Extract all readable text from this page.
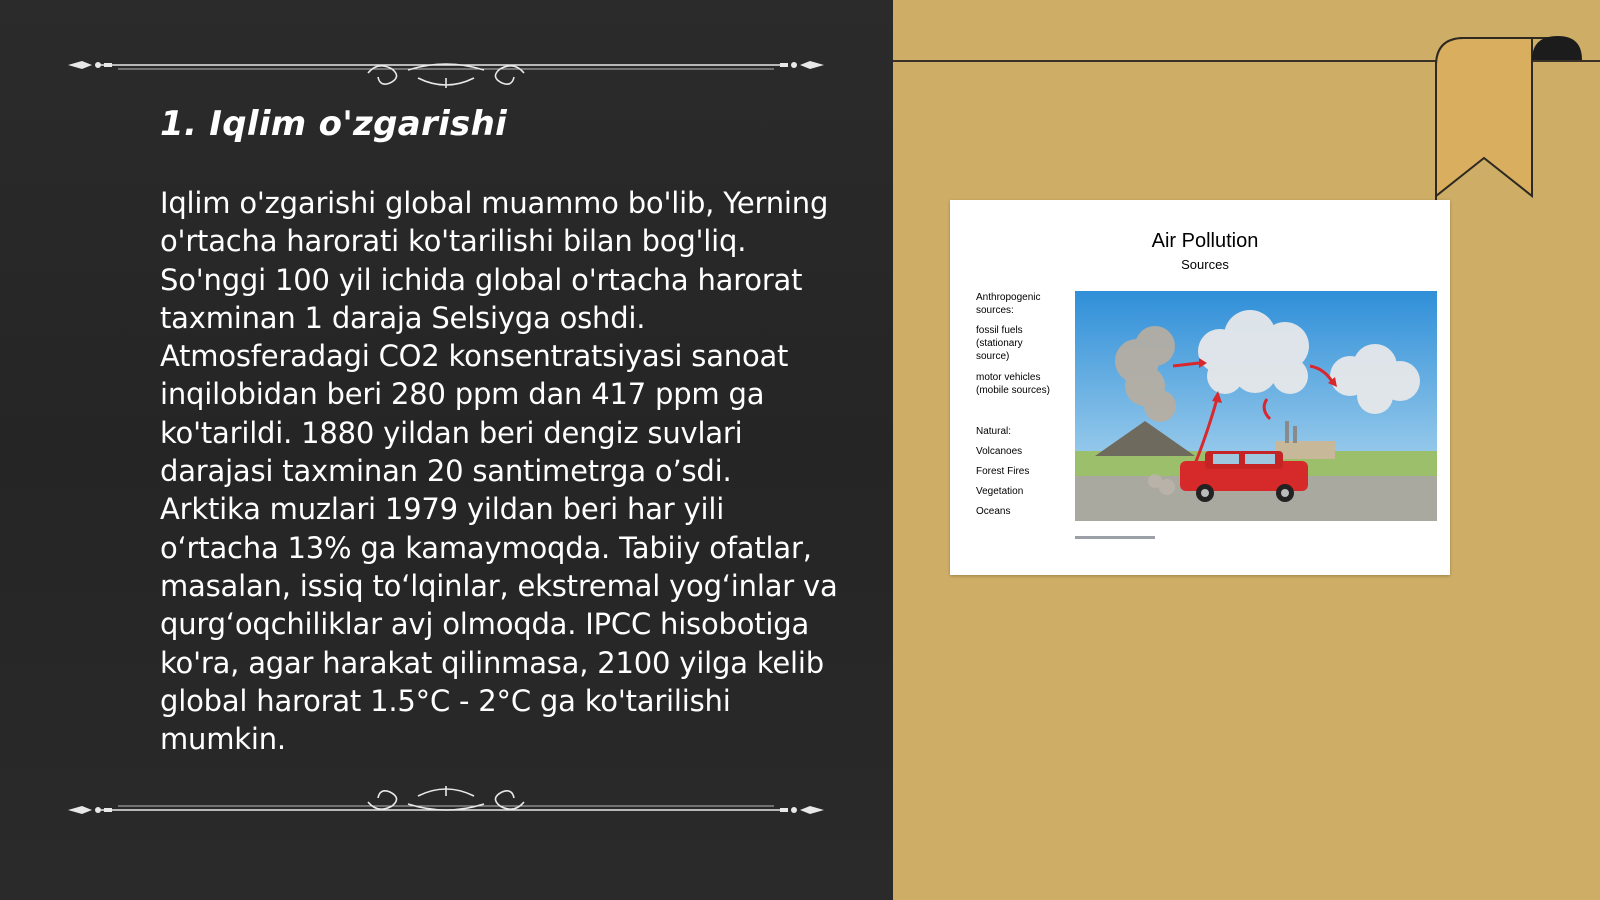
1. Iqlim o'zgarishi

Iqlim o'zgarishi global muammo bo'lib, Yerning o'rtacha harorati ko'tarilishi bilan bog'liq. So'nggi 100 yil ichida global o'rtacha harorat taxminan 1 daraja Selsiyga oshdi. Atmosferadagi CO2 konsentratsiyasi sanoat inqilobidan beri 280 ppm dan 417 ppm ga ko'tarildi. 1880 yildan beri dengiz suvlari darajasi taxminan 20 santimetrga o’sdi. Arktika muzlari 1979 yildan beri har yili o‘rtacha 13% ga kamaymoqda. Tabiiy ofatlar, masalan, issiq to‘lqinlar, ekstremal yog‘inlar va qurg‘oqchiliklar avj olmoqda. IPCC hisobotiga ko'ra, agar harakat qilinmasa, 2100 yilga kelib global harorat 1.5°C - 2°C ga ko'tarilishi mumkin.

Air Pollution
Sources
Anthropogenic
sources:
fossil fuels
(stationary
source)
motor vehicles
(mobile sources)
Natural:
Volcanoes
Forest Fires
Vegetation
Oceans
